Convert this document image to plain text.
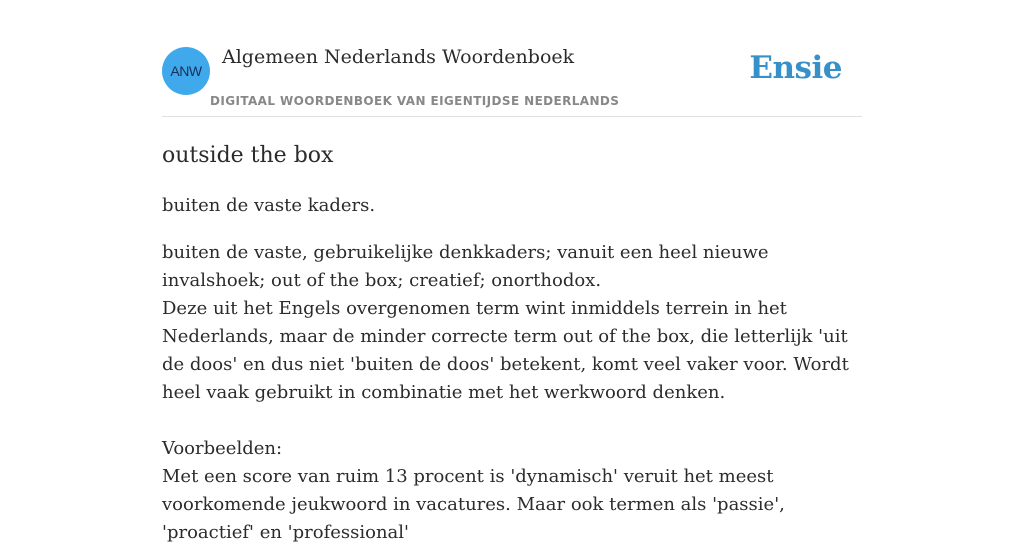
ANW
Algemeen Nederlands Woordenboek
DIGITAAL WOORDENBOEK VAN EIGENTIJDSE NEDERLANDS
Ensie
outside the box

buiten de vaste kaders.

buiten de vaste, gebruikelijke denkkaders; vanuit een heel nieuwe invalshoek; out of the box; creatief; onorthodox.

Deze uit het Engels overgenomen term wint inmiddels terrein in het Nederlands, maar de minder correcte term out of the box, die letterlijk 'uit de doos' en dus niet 'buiten de doos' betekent, komt veel vaker voor. Wordt heel vaak gebruikt in combinatie met het werkwoord denken.

Voorbeelden:

Met een score van ruim 13 procent is 'dynamisch' veruit het meest voorkomende jeukwoord in vacatures. Maar ook termen als 'passie', 'proactief' en 'professional'
